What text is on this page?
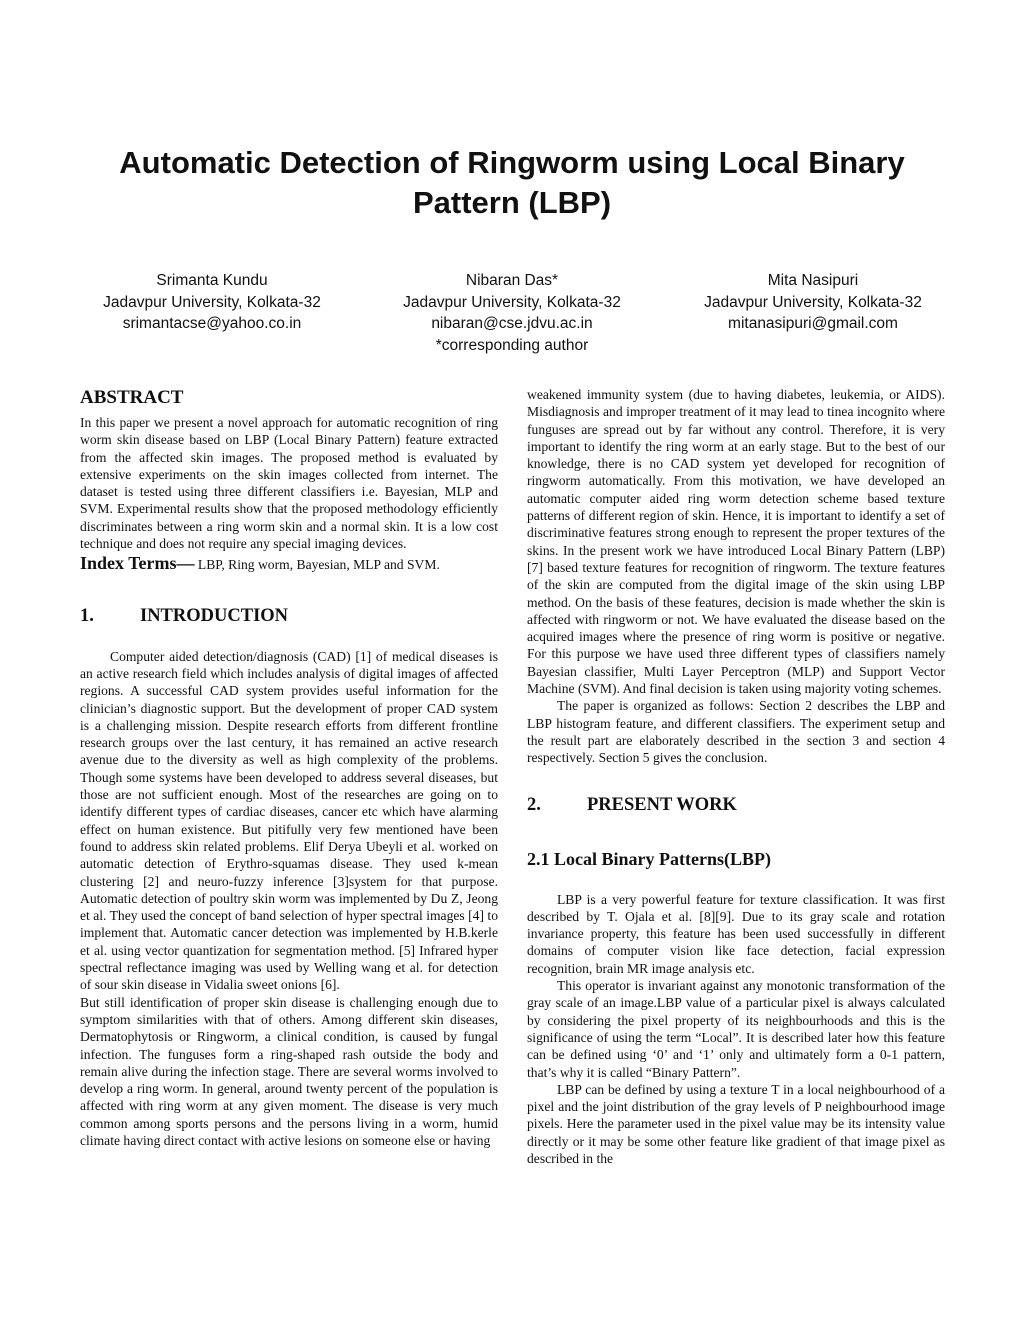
Automatic Detection of Ringworm using Local Binary Pattern (LBP)
Srimanta Kundu
Jadavpur University, Kolkata-32
srimantacse@yahoo.co.in
Nibaran Das*
Jadavpur University, Kolkata-32
nibaran@cse.jdvu.ac.in
*corresponding author
Mita Nasipuri
Jadavpur University, Kolkata-32
mitanasipuri@gmail.com
ABSTRACT

In this paper we present a novel approach for automatic recognition of ring worm skin disease based on LBP (Local Binary Pattern) feature extracted from the affected skin images. The proposed method is evaluated by extensive experiments on the skin images collected from internet. The dataset is tested using three different classifiers i.e. Bayesian, MLP and SVM. Experimental results show that the proposed methodology efficiently discriminates between a ring worm skin and a normal skin. It is a low cost technique and does not require any special imaging devices.

Index Terms— LBP, Ring worm, Bayesian, MLP and SVM.

1.	INTRODUCTION

Computer aided detection/diagnosis (CAD) [1] of medical diseases is an active research field which includes analysis of digital images of affected regions. A successful CAD system provides useful information for the clinician’s diagnostic support. But the development of proper CAD system is a challenging mission. Despite research efforts from different frontline research groups over the last century, it has remained an active research avenue due to the diversity as well as high complexity of the problems. Though some systems have been developed to address several diseases, but those are not sufficient enough. Most of the researches are going on to identify different types of cardiac diseases, cancer etc which have alarming effect on human existence. But pitifully very few mentioned have been found to address skin related problems. Elif Derya Ubeyli et al. worked on automatic detection of Erythro-squamas disease. They used k-mean clustering [2] and neuro-fuzzy inference [3]system for that purpose. Automatic detection of poultry skin worm was implemented by Du Z, Jeong et al. They used the concept of band selection of hyper spectral images [4] to implement that. Automatic cancer detection was implemented by H.B.kerle et al. using vector quantization for segmentation method. [5] Infrared hyper spectral reflectance imaging was used by Welling wang et al. for detection of sour skin disease in Vidalia sweet onions [6].

But still identification of proper skin disease is challenging enough due to symptom similarities with that of others. Among different skin diseases, Dermatophytosis or Ringworm, a clinical condition, is caused by fungal infection. The funguses form a ring-shaped rash outside the body and remain alive during the infection stage. There are several worms involved to develop a ring worm. In general, around twenty percent of the population is affected with ring worm at any given moment. The disease is very much common among sports persons and the persons living in a worm, humid climate having direct contact with active lesions on someone else or having

weakened immunity system (due to having diabetes, leukemia, or AIDS). Misdiagnosis and improper treatment of it may lead to tinea incognito where funguses are spread out by far without any control. Therefore, it is very important to identify the ring worm at an early stage. But to the best of our knowledge, there is no CAD system yet developed for recognition of ringworm automatically. From this motivation, we have developed an automatic computer aided ring worm detection scheme based texture patterns of different region of skin. Hence, it is important to identify a set of discriminative features strong enough to represent the proper textures of the skins. In the present work we have introduced Local Binary Pattern (LBP) [7] based texture features for recognition of ringworm. The texture features of the skin are computed from the digital image of the skin using LBP method. On the basis of these features, decision is made whether the skin is affected with ringworm or not. We have evaluated the disease based on the acquired images where the presence of ring worm is positive or negative. For this purpose we have used three different types of classifiers namely Bayesian classifier, Multi Layer Perceptron (MLP) and Support Vector Machine (SVM). And final decision is taken using majority voting schemes.

The paper is organized as follows: Section 2 describes the LBP and LBP histogram feature, and different classifiers. The experiment setup and the result part are elaborately described in the section 3 and section 4 respectively. Section 5 gives the conclusion.

2.	PRESENT WORK
2.1 Local Binary Patterns(LBP)

LBP is a very powerful feature for texture classification. It was first described by T. Ojala et al. [8][9]. Due to its gray scale and rotation invariance property, this feature has been used successfully in different domains of computer vision like face detection, facial expression recognition, brain MR image analysis etc.

This operator is invariant against any monotonic transformation of the gray scale of an image.LBP value of a particular pixel is always calculated by considering the pixel property of its neighbourhoods and this is the significance of using the term “Local”. It is described later how this feature can be defined using ‘0’ and ‘1’ only and ultimately form a 0-1 pattern, that’s why it is called “Binary Pattern”.

LBP can be defined by using a texture T in a local neighbourhood of a pixel and the joint distribution of the gray levels of P neighbourhood image pixels. Here the parameter used in the pixel value may be its intensity value directly or it may be some other feature like gradient of that image pixel as described in the
